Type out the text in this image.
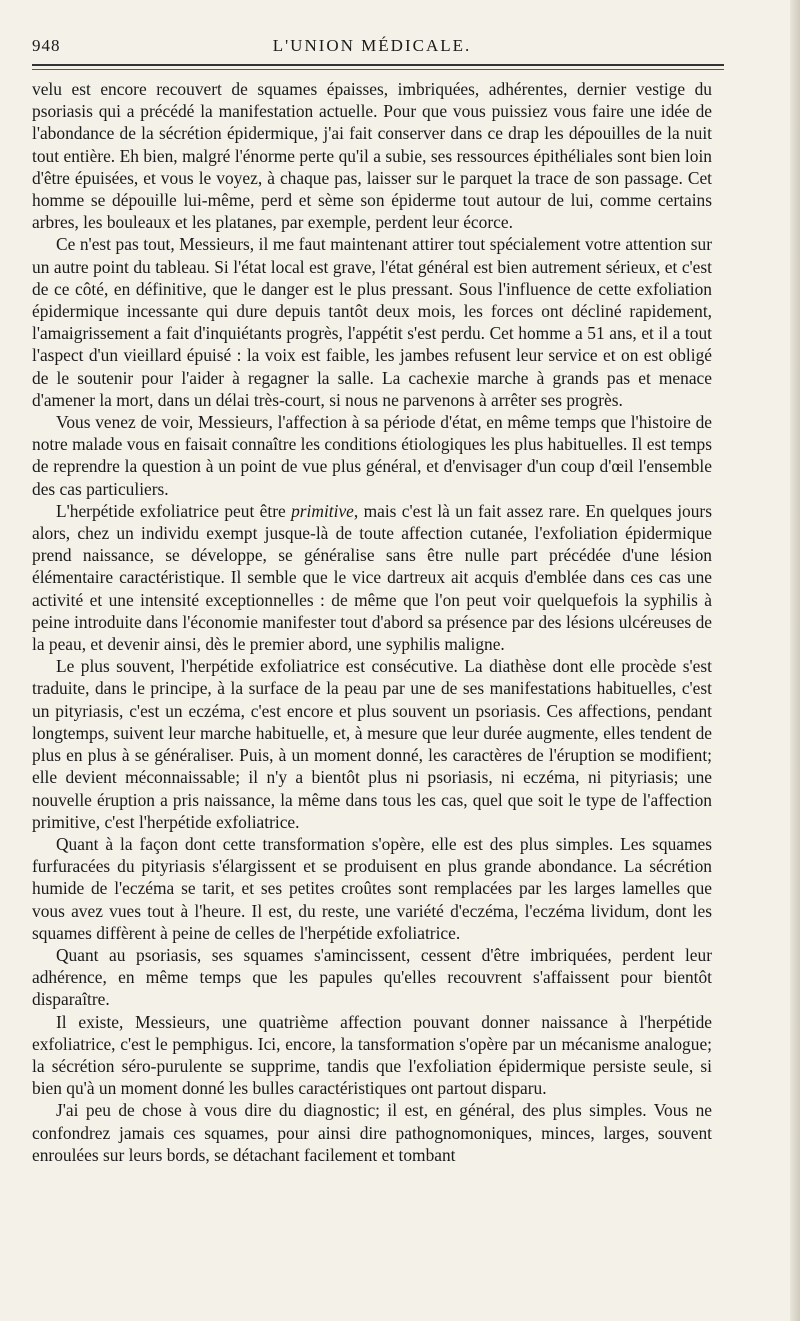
948	L'UNION MÉDICALE.

velu est encore recouvert de squames épaisses, imbriquées, adhérentes, dernier vestige du psoriasis qui a précédé la manifestation actuelle. Pour que vous puissiez vous faire une idée de l'abondance de la sécrétion épidermique, j'ai fait conserver dans ce drap les dépouilles de la nuit tout entière. Eh bien, malgré l'énorme perte qu'il a subie, ses ressources épithéliales sont bien loin d'être épuisées, et vous le voyez, à chaque pas, laisser sur le parquet la trace de son passage. Cet homme se dépouille lui-même, perd et sème son épiderme tout autour de lui, comme certains arbres, les bouleaux et les platanes, par exemple, perdent leur écorce.

Ce n'est pas tout, Messieurs, il me faut maintenant attirer tout spécialement votre attention sur un autre point du tableau. Si l'état local est grave, l'état général est bien autrement sérieux, et c'est de ce côté, en définitive, que le danger est le plus pressant. Sous l'influence de cette exfoliation épidermique incessante qui dure depuis tantôt deux mois, les forces ont décliné rapidement, l'amaigrissement a fait d'inquiétants progrès, l'appétit s'est perdu. Cet homme a 51 ans, et il a tout l'aspect d'un vieillard épuisé : la voix est faible, les jambes refusent leur service et on est obligé de le soutenir pour l'aider à regagner la salle. La cachexie marche à grands pas et menace d'amener la mort, dans un délai très-court, si nous ne parvenons à arrêter ses progrès.

Vous venez de voir, Messieurs, l'affection à sa période d'état, en même temps que l'histoire de notre malade vous en faisait connaître les conditions étiologiques les plus habituelles. Il est temps de reprendre la question à un point de vue plus général, et d'envisager d'un coup d'œil l'ensemble des cas particuliers.

L'herpétide exfoliatrice peut être primitive, mais c'est là un fait assez rare. En quelques jours alors, chez un individu exempt jusque-là de toute affection cutanée, l'exfoliation épidermique prend naissance, se développe, se généralise sans être nulle part précédée d'une lésion élémentaire caractéristique. Il semble que le vice dartreux ait acquis d'emblée dans ces cas une activité et une intensité exceptionnelles : de même que l'on peut voir quelquefois la syphilis à peine introduite dans l'économie manifester tout d'abord sa présence par des lésions ulcéreuses de la peau, et devenir ainsi, dès le premier abord, une syphilis maligne.

Le plus souvent, l'herpétide exfoliatrice est consécutive. La diathèse dont elle procède s'est traduite, dans le principe, à la surface de la peau par une de ses manifestations habituelles, c'est un pityriasis, c'est un eczéma, c'est encore et plus souvent un psoriasis. Ces affections, pendant longtemps, suivent leur marche habituelle, et, à mesure que leur durée augmente, elles tendent de plus en plus à se généraliser. Puis, à un moment donné, les caractères de l'éruption se modifient; elle devient méconnaissable; il n'y a bientôt plus ni psoriasis, ni eczéma, ni pityriasis; une nouvelle éruption a pris naissance, la même dans tous les cas, quel que soit le type de l'affection primitive, c'est l'herpétide exfoliatrice.

Quant à la façon dont cette transformation s'opère, elle est des plus simples. Les squames furfuracées du pityriasis s'élargissent et se produisent en plus grande abondance. La sécrétion humide de l'eczéma se tarit, et ses petites croûtes sont remplacées par les larges lamelles que vous avez vues tout à l'heure. Il est, du reste, une variété d'eczéma, l'eczéma lividum, dont les squames diffèrent à peine de celles de l'herpétide exfoliatrice.

Quant au psoriasis, ses squames s'amincissent, cessent d'être imbriquées, perdent leur adhérence, en même temps que les papules qu'elles recouvrent s'affaissent pour bientôt disparaître.

Il existe, Messieurs, une quatrième affection pouvant donner naissance à l'herpétide exfoliatrice, c'est le pemphigus. Ici, encore, la tansformation s'opère par un mécanisme analogue; la sécrétion séro-purulente se supprime, tandis que l'exfoliation épidermique persiste seule, si bien qu'à un moment donné les bulles caractéristiques ont partout disparu.

J'ai peu de chose à vous dire du diagnostic; il est, en général, des plus simples. Vous ne confondrez jamais ces squames, pour ainsi dire pathognomoniques, minces, larges, souvent enroulées sur leurs bords, se détachant facilement et tombant
